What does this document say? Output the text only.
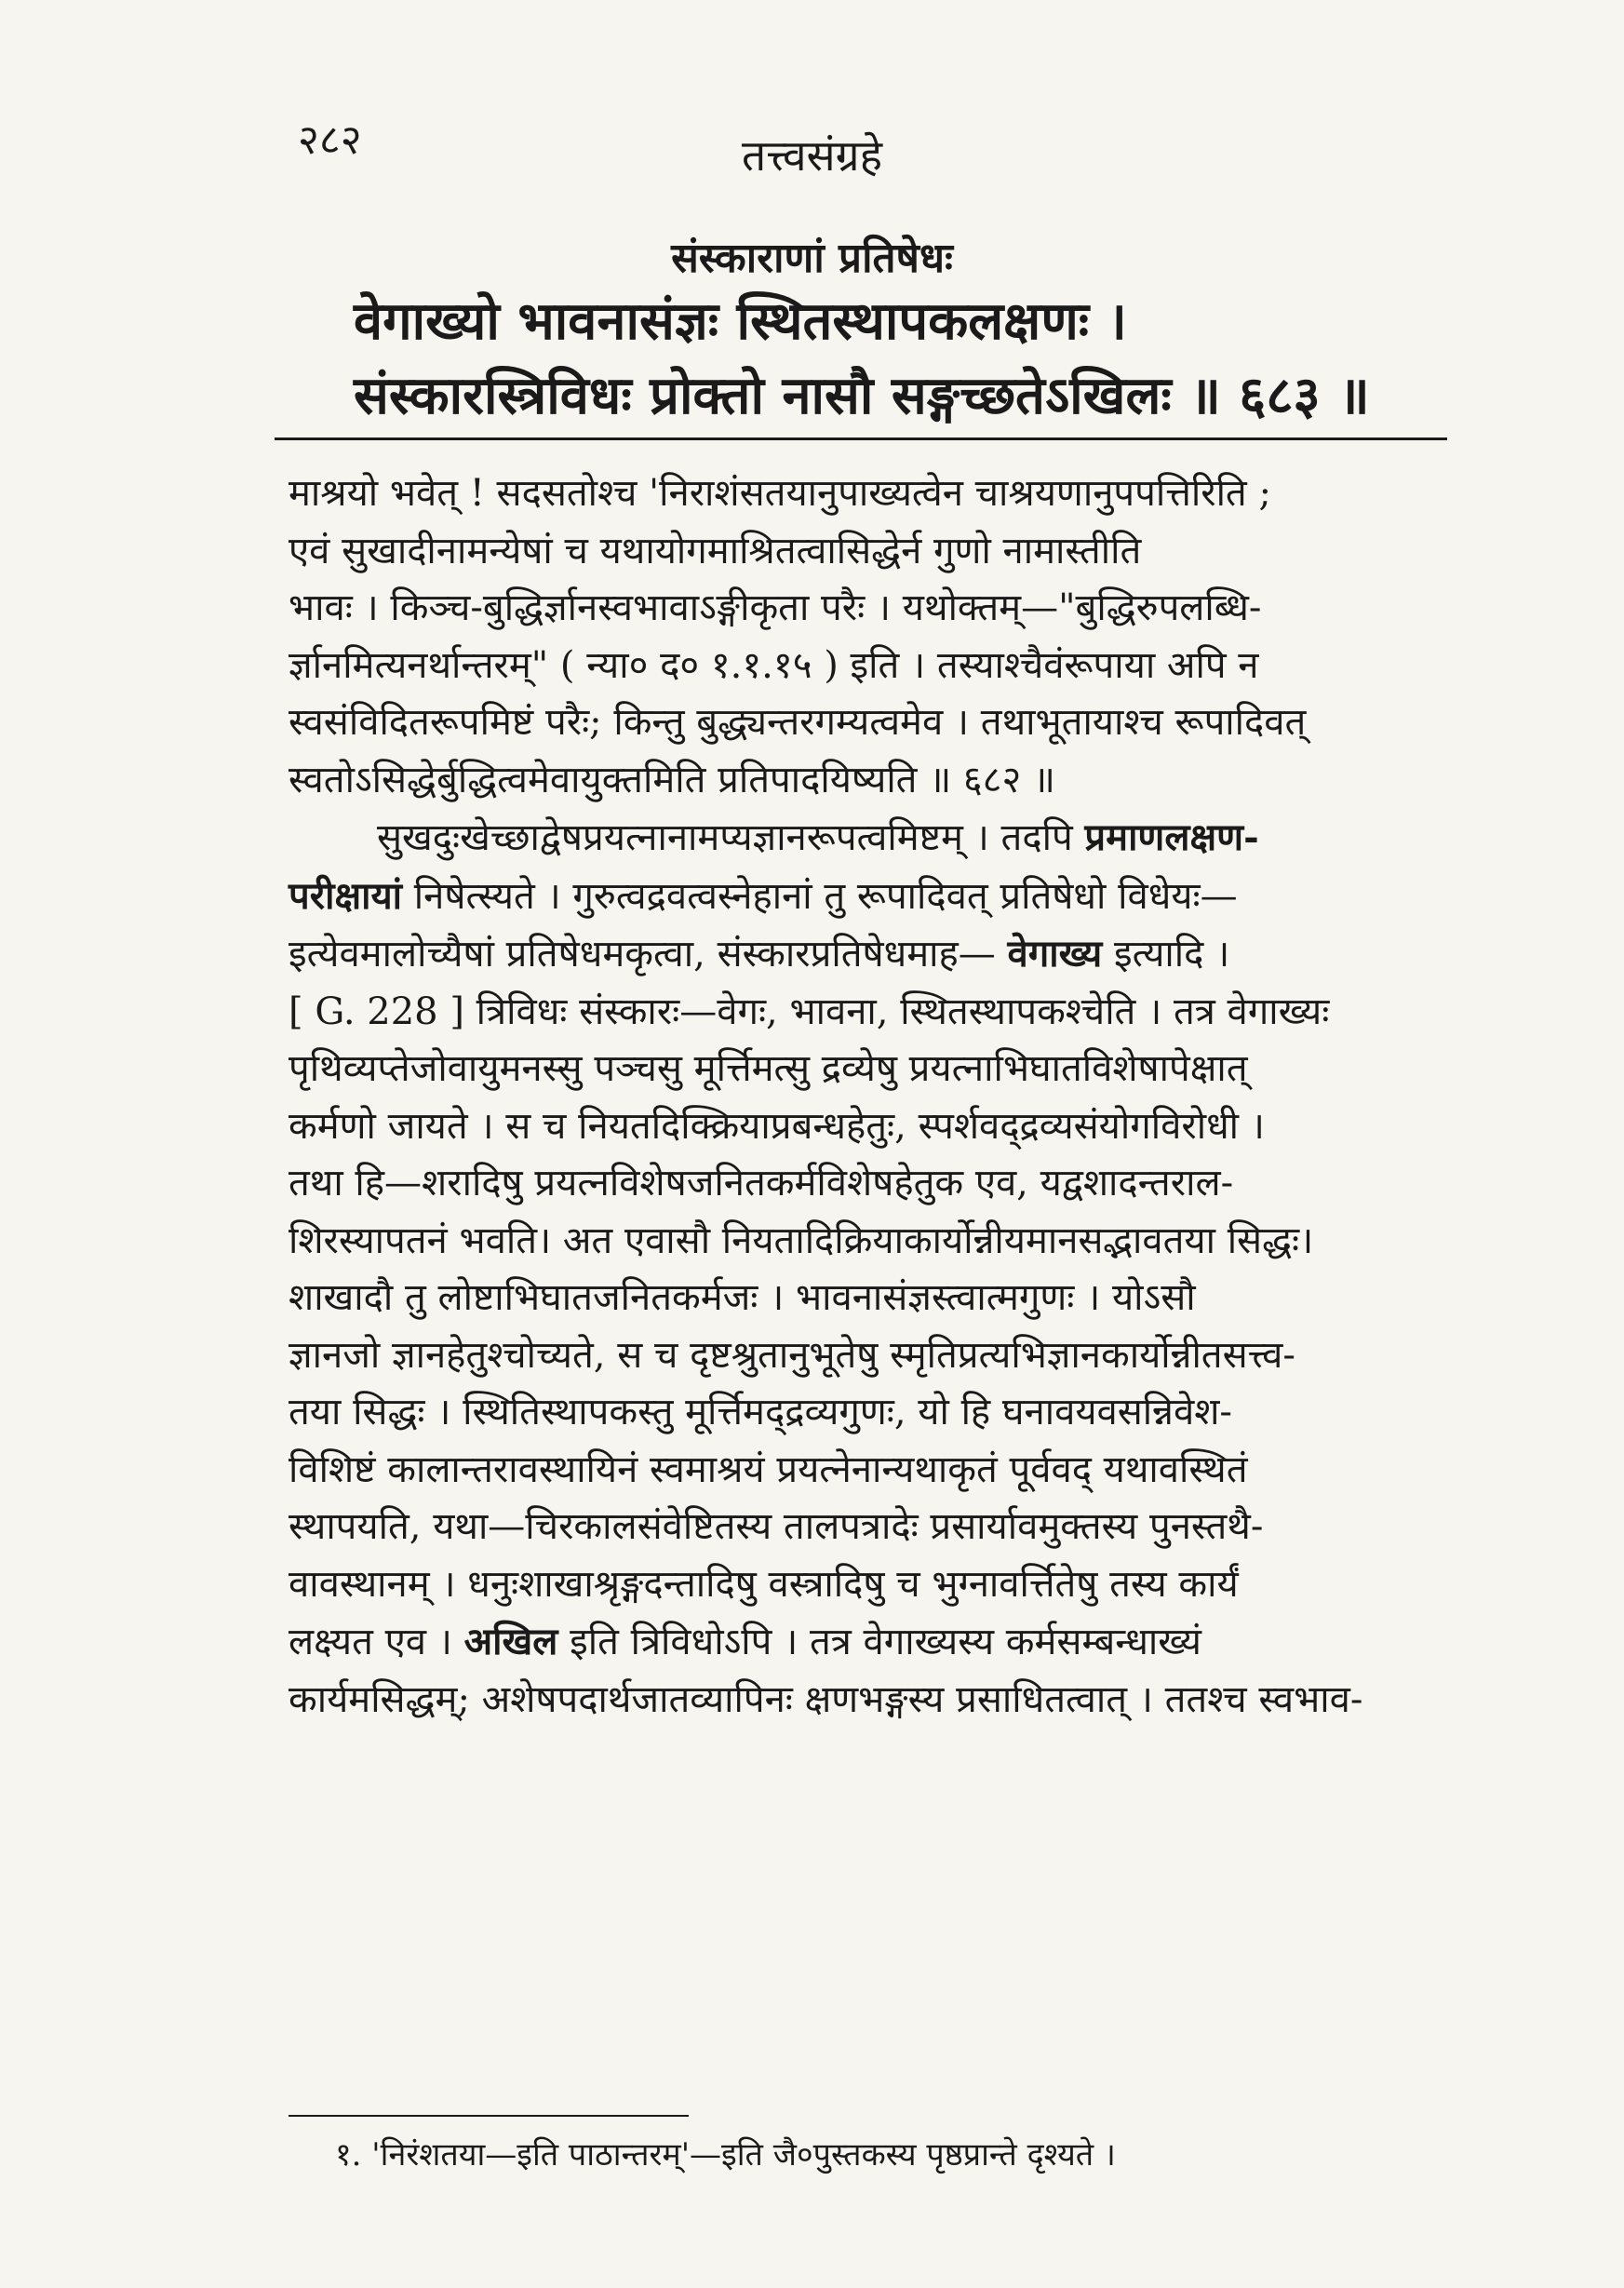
२८२	तत्त्वसंग्रहे
संस्काराणां प्रतिषेधः
वेगाख्यो भावनासंज्ञः स्थितस्थापकलक्षणः ।
संस्कारस्त्रिविधः प्रोक्तो नासौ सङ्गच्छतेऽखिलः ॥ ६८३ ॥
माश्रयो भवेत् ! सदसतोश्च 'निराशंसतयानुपाख्यत्वेन चाश्रयणानुपपत्तिरिति ;
एवं सुखादीनामन्येषां च यथायोगमाश्रितत्वासिद्धेर्न गुणो नामास्तीति
भावः । किञ्च-बुद्धिर्ज्ञानस्वभावाऽङ्गीकृता परैः । यथोक्तम्—"बुद्धिरुपलब्धि-
र्ज्ञानमित्यनर्थान्तरम्" ( न्या० द० १.१.१५ ) इति । तस्याश्चैवंरूपाया अपि न
स्वसंविदितरूपमिष्टं परैः; किन्तु बुद्ध्यन्तरगम्यत्वमेव । तथाभूतायाश्च रूपादिवत्
स्वतोऽसिद्धेर्बुद्धित्वमेवायुक्तमिति प्रतिपादयिष्यति ॥ ६८२ ॥
सुखदुःखेच्छाद्वेषप्रयत्नानामप्यज्ञानरूपत्वमिष्टम् । तदपि प्रमाणलक्षण-
परीक्षायां निषेत्स्यते । गुरुत्वद्रवत्वस्नेहानां तु रूपादिवत् प्रतिषेधो विधेयः—
इत्येवमालोच्यैषां प्रतिषेधमकृत्वा, संस्कारप्रतिषेधमाह— वेगाख्य इत्यादि ।
[ G. 228 ] त्रिविधः संस्कारः—वेगः, भावना, स्थितस्थापकश्चेति । तत्र वेगाख्यः
पृथिव्यप्तेजोवायुमनस्सु पञ्चसु मूर्त्तिमत्सु द्रव्येषु प्रयत्नाभिघातविशेषापेक्षात्
कर्मणो जायते । स च नियतदिक्क्रियाप्रबन्धहेतुः, स्पर्शवद्द्रव्यसंयोगविरोधी ।
तथा हि—शरादिषु प्रयत्नविशेषजनितकर्मविशेषहेतुक एव, यद्वशादन्तराल-
शिरस्यापतनं भवति। अत एवासौ नियतादिक्रियाकार्योन्नीयमानसद्भावतया सिद्धः।
शाखादौ तु लोष्टाभिघातजनितकर्मजः । भावनासंज्ञस्त्वात्मगुणः । योऽसौ
ज्ञानजो ज्ञानहेतुश्चोच्यते, स च दृष्टश्रुतानुभूतेषु स्मृतिप्रत्यभिज्ञानकार्योन्नीतसत्त्व-
तया सिद्धः । स्थितिस्थापकस्तु मूर्त्तिमद्द्रव्यगुणः, यो हि घनावयवसन्निवेश-
विशिष्टं कालान्तरावस्थायिनं स्वमाश्रयं प्रयत्नेनान्यथाकृतं पूर्ववद् यथावस्थितं
स्थापयति, यथा—चिरकालसंवेष्टितस्य तालपत्रादेः प्रसार्यावमुक्तस्य पुनस्तथै-
वावस्थानम् । धनुःशाखाश्रृङ्गदन्तादिषु वस्त्रादिषु च भुग्नावर्त्तितेषु तस्य कार्यं
लक्ष्यत एव । अखिल इति त्रिविधोऽपि । तत्र वेगाख्यस्य कर्मसम्बन्धाख्यं
कार्यमसिद्धम्; अशेषपदार्थजातव्यापिनः क्षणभङ्गस्य प्रसाधितत्वात् । ततश्च स्वभाव-
१. 'निरंशतया—इति पाठान्तरम्'—इति जै०पुस्तकस्य पृष्ठप्रान्ते दृश्यते ।
